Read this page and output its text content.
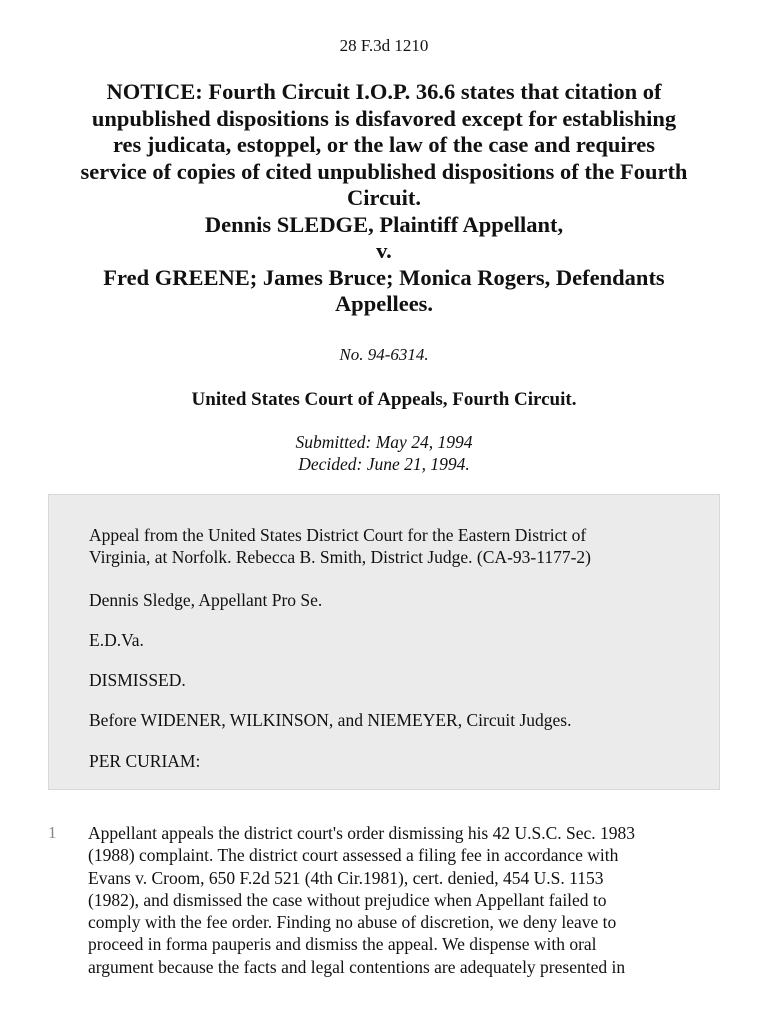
28 F.3d 1210
NOTICE: Fourth Circuit I.O.P. 36.6 states that citation of
unpublished dispositions is disfavored except for establishing
res judicata, estoppel, or the law of the case and requires
service of copies of cited unpublished dispositions of the Fourth
Circuit.
Dennis SLEDGE, Plaintiff Appellant,
v.
Fred GREENE; James Bruce; Monica Rogers, Defendants
Appellees.
No. 94-6314.
United States Court of Appeals, Fourth Circuit.
Submitted: May 24, 1994
Decided: June 21, 1994.

Appeal from the United States District Court for the Eastern District of
Virginia, at Norfolk. Rebecca B. Smith, District Judge. (CA-93-1177-2)

Dennis Sledge, Appellant Pro Se.

E.D.Va.

DISMISSED.

Before WIDENER, WILKINSON, and NIEMEYER, Circuit Judges.

PER CURIAM:

1 Appellant appeals the district court's order dismissing his 42 U.S.C. Sec. 1983
(1988) complaint. The district court assessed a filing fee in accordance with
Evans v. Croom, 650 F.2d 521 (4th Cir.1981), cert. denied, 454 U.S. 1153
(1982), and dismissed the case without prejudice when Appellant failed to
comply with the fee order. Finding no abuse of discretion, we deny leave to
proceed in forma pauperis and dismiss the appeal. We dispense with oral
argument because the facts and legal contentions are adequately presented in
